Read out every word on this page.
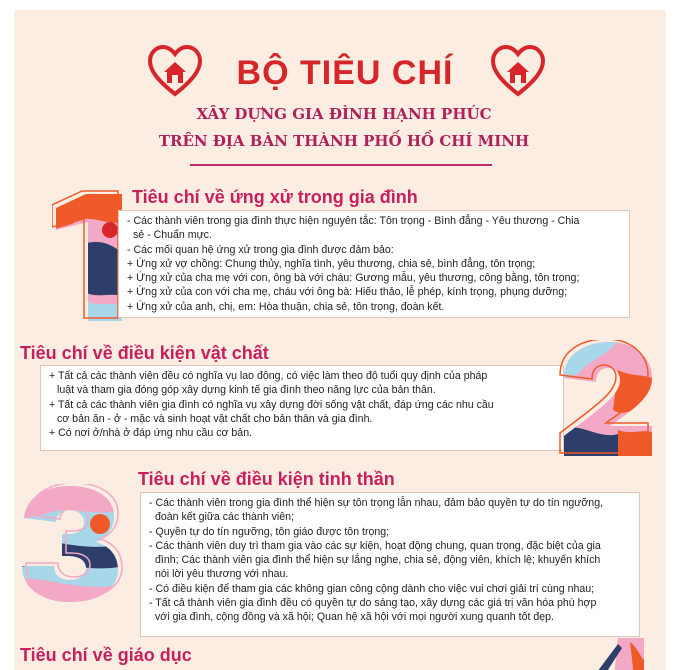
BỘ TIÊU CHÍ
XÂY DỰNG GIA ĐÌNH HẠNH PHÚC
TRÊN ĐỊA BÀN THÀNH PHỐ HỒ CHÍ MINH
Tiêu chí về ứng xử trong gia đình

- Các thành viên trong gia đình thực hiện nguyên tắc: Tôn trọng - Bình đẳng - Yêu thương - Chia

sẻ - Chuẩn mực.

- Các mối quan hệ ứng xử trong gia đình được đảm bảo:

+ Ứng xử vợ chồng: Chung thủy, nghĩa tình, yêu thương, chia sẻ, bình đẳng, tôn trọng;

+ Ứng xử của cha mẹ với con, ông bà với cháu: Gương mẫu, yêu thương, công bằng, tôn trọng;

+ Ứng xử của con với cha mẹ, cháu với ông bà: Hiếu thảo, lễ phép, kính trọng, phụng dưỡng;

+ Ứng xử của anh, chị, em: Hòa thuận, chia sẻ, tôn trọng, đoàn kết.

Tiêu chí về điều kiện vật chất

+ Tất cả các thành viên đều có nghĩa vụ lao động, có việc làm theo độ tuổi quy định của pháp

luật và tham gia đóng góp xây dựng kinh tế gia đình theo năng lực của bản thân.

+ Tất cả các thành viên gia đình có nghĩa vụ xây dựng đời sống vật chất, đáp ứng các nhu cầu

cơ bản ăn - ở - mặc và sinh hoạt vật chất cho bản thân và gia đình.

+ Có nơi ở/nhà ở đáp ứng nhu cầu cơ bản.

Tiêu chí về điều kiện tinh thần

- Các thành viên trong gia đình thể hiện sự tôn trọng lẫn nhau, đảm bảo quyền tự do tín ngưỡng,

đoàn kết giữa các thành viên;

- Quyền tự do tín ngưỡng, tôn giáo được tôn trọng;

- Các thành viên duy trì tham gia vào các sự kiện, hoạt động chung, quan trọng, đặc biệt của gia

đình; Các thành viên gia đình thể hiện sự lắng nghe, chia sẻ, động viên, khích lệ; khuyến khích

nói lời yêu thương với nhau.

- Có điều kiện để tham gia các không gian công cộng dành cho việc vui chơi giải trí cùng nhau;

- Tất cả thành viên gia đình đều có quyền tự do sáng tạo, xây dựng các giá trị văn hóa phù hợp

với gia đình, cộng đồng và xã hội; Quan hệ xã hội với mọi người xung quanh tốt đẹp.

Tiêu chí về giáo dục
